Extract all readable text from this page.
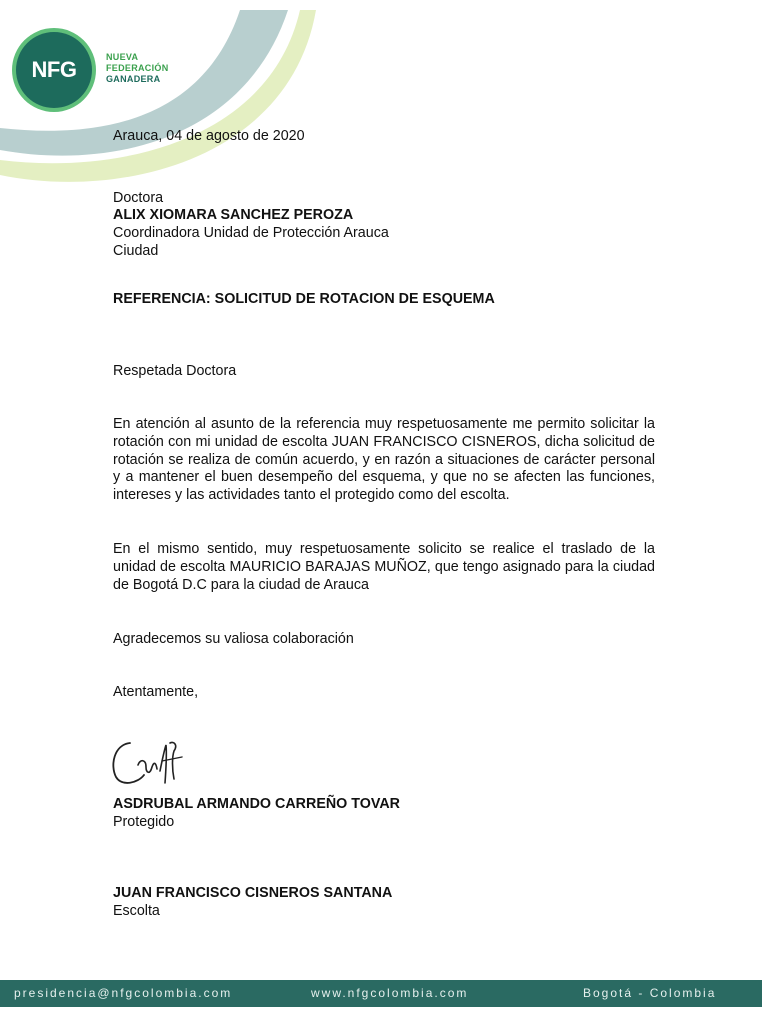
NFG	NUEVA
FEDERACIÓN
GANADERA
Arauca, 04 de agosto de 2020
Doctora
ALIX XIOMARA SANCHEZ PEROZA
Coordinadora Unidad de Protección Arauca
Ciudad
REFERENCIA: SOLICITUD DE ROTACION DE ESQUEMA
Respetada Doctora
En atención al asunto de la referencia muy respetuosamente me permito solicitar la rotación con mi unidad de escolta JUAN FRANCISCO CISNEROS, dicha solicitud de rotación se realiza de común acuerdo, y en razón a situaciones de carácter personal y a mantener el buen desempeño del esquema, y que no se afecten las funciones, intereses y las actividades tanto el protegido como del escolta.
En el mismo sentido, muy respetuosamente solicito se realice el traslado de la unidad de escolta MAURICIO BARAJAS MUÑOZ, que tengo asignado para la ciudad de Bogotá D.C para la ciudad de Arauca
Agradecemos su valiosa colaboración
Atentamente,
ASDRUBAL ARMANDO CARREÑO TOVAR
Protegido
JUAN FRANCISCO CISNEROS SANTANA
Escolta
presidencia@nfgcolombia.com	www.nfgcolombia.com	Bogotá - Colombia
